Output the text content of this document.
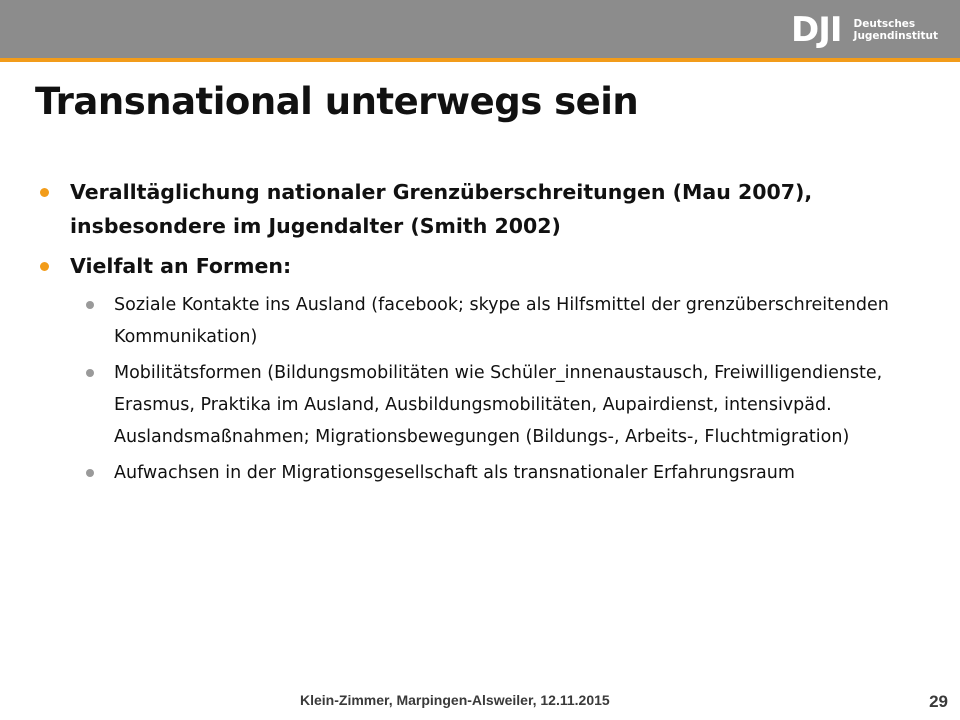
DJI Deutsches
Jugendinstitut
Transnational unterwegs sein
Veralltäglichung nationaler Grenzüberschreitungen (Mau 2007), insbesondere im Jugendalter (Smith 2002)
Vielfalt an Formen:
Soziale Kontakte ins Ausland (facebook; skype als Hilfsmittel der grenzüberschreitenden Kommunikation)
Mobilitätsformen (Bildungsmobilitäten wie Schüler_innenaustausch, Freiwilligendienste, Erasmus, Praktika im Ausland, Ausbildungsmobilitäten, Aupairdienst, intensivpäd. Auslandsmaßnahmen; Migrationsbewegungen (Bildungs-, Arbeits-, Fluchtmigration)
Aufwachsen in der Migrationsgesellschaft als transnationaler Erfahrungsraum
Klein-Zimmer, Marpingen-Alsweiler, 12.11.2015	29
